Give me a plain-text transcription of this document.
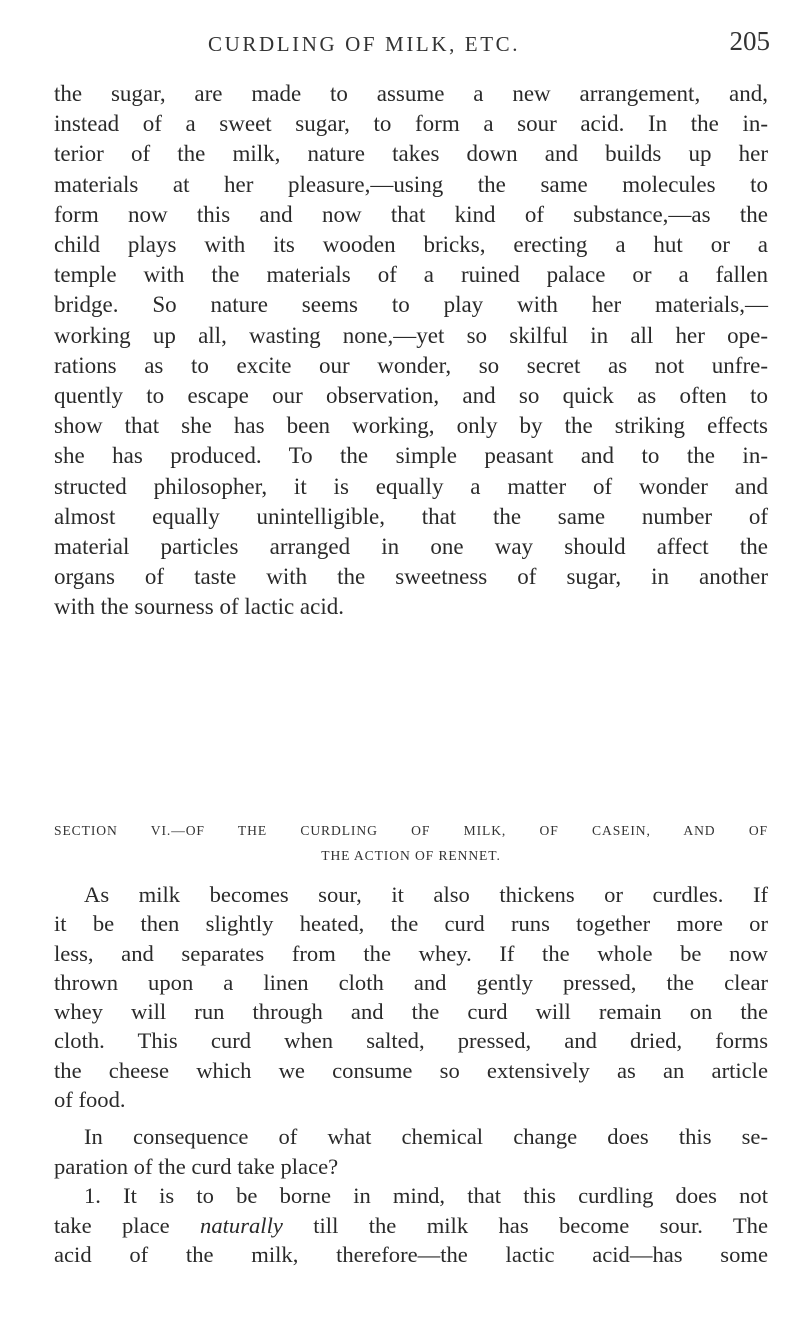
CURDLING OF MILK, ETC.	205
the sugar, are made to assume a new arrangement, and,
instead of a sweet sugar, to form a sour acid. In the in-
terior of the milk, nature takes down and builds up her
materials at her pleasure,—using the same molecules to
form now this and now that kind of substance,—as the
child plays with its wooden bricks, erecting a hut or a
temple with the materials of a ruined palace or a fallen
bridge. So nature seems to play with her materials,—
working up all, wasting none,—yet so skilful in all her ope-
rations as to excite our wonder, so secret as not unfre-
quently to escape our observation, and so quick as often to
show that she has been working, only by the striking effects
she has produced. To the simple peasant and to the in-
structed philosopher, it is equally a matter of wonder and
almost equally unintelligible, that the same number of
material particles arranged in one way should affect the
organs of taste with the sweetness of sugar, in another
with the sourness of lactic acid.
SECTION VI.—OF THE CURDLING OF MILK, OF CASEIN, AND OF
THE ACTION OF RENNET.
As milk becomes sour, it also thickens or curdles. If
it be then slightly heated, the curd runs together more or
less, and separates from the whey. If the whole be now
thrown upon a linen cloth and gently pressed, the clear
whey will run through and the curd will remain on the
cloth. This curd when salted, pressed, and dried, forms
the cheese which we consume so extensively as an article
of food.
In consequence of what chemical change does this se-
paration of the curd take place?
1. It is to be borne in mind, that this curdling does not
take place naturally till the milk has become sour. The
acid of the milk, therefore—the lactic acid—has some
